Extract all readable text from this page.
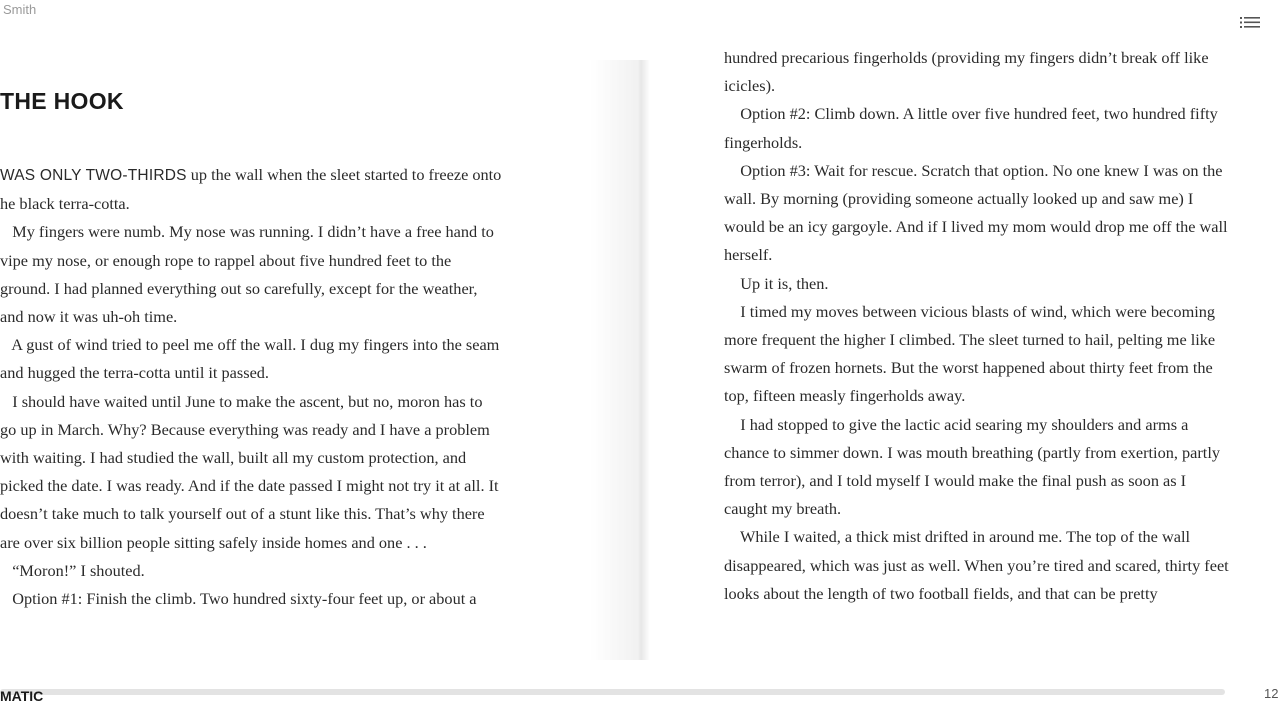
Smith
THE HOOK
WAS ONLY TWO-THIRDS up the wall when the sleet started to freeze onto
he black terra-cotta.
My fingers were numb. My nose was running. I didn’t have a free hand to
vipe my nose, or enough rope to rappel about five hundred feet to the
ground. I had planned everything out so carefully, except for the weather,
and now it was uh-oh time.
A gust of wind tried to peel me off the wall. I dug my fingers into the seam
and hugged the terra-cotta until it passed.
I should have waited until June to make the ascent, but no, moron has to
go up in March. Why? Because everything was ready and I have a problem
with waiting. I had studied the wall, built all my custom protection, and
picked the date. I was ready. And if the date passed I might not try it at all. It
doesn’t take much to talk yourself out of a stunt like this. That’s why there
are over six billion people sitting safely inside homes and one . . .
“Moron!” I shouted.
Option #1: Finish the climb. Two hundred sixty-four feet up, or about a
hundred precarious fingerholds (providing my fingers didn’t break off like
icicles).
Option #2: Climb down. A little over five hundred feet, two hundred fifty
fingerholds.
Option #3: Wait for rescue. Scratch that option. No one knew I was on the
wall. By morning (providing someone actually looked up and saw me) I
would be an icy gargoyle. And if I lived my mom would drop me off the wall
herself.
Up it is, then.
I timed my moves between vicious blasts of wind, which were becoming
more frequent the higher I climbed. The sleet turned to hail, pelting me like
swarm of frozen hornets. But the worst happened about thirty feet from the
top, fifteen measly fingerholds away.
I had stopped to give the lactic acid searing my shoulders and arms a
chance to simmer down. I was mouth breathing (partly from exertion, partly
from terror), and I told myself I would make the final push as soon as I
caught my breath.
While I waited, a thick mist drifted in around me. The top of the wall
disappeared, which was just as well. When you’re tired and scared, thirty feet
looks about the length of two football fields, and that can be pretty
MATIC	12
